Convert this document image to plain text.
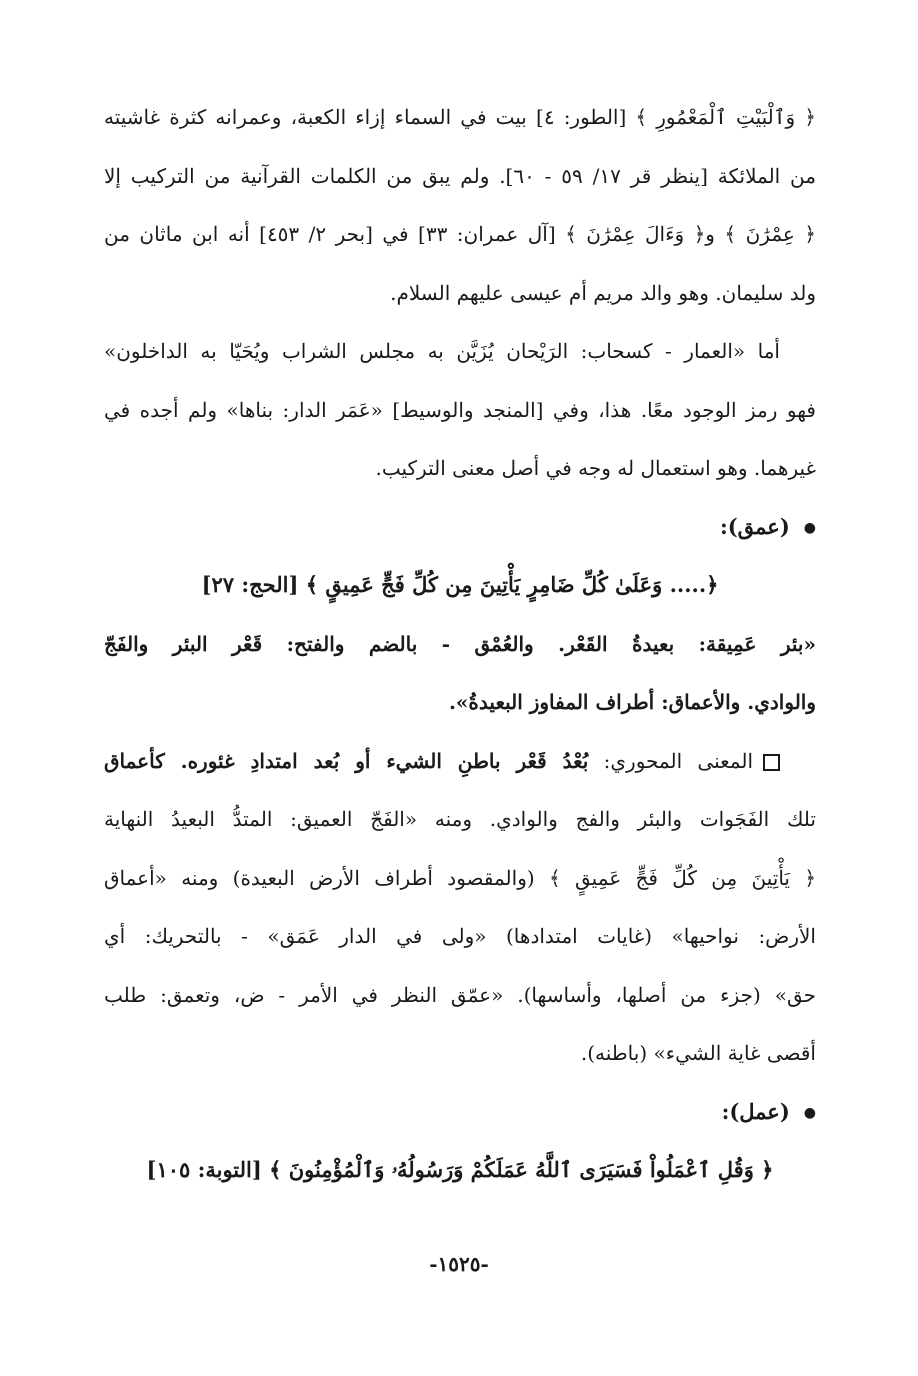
﴿ وَٱلْبَيْتِ ٱلْمَعْمُورِ ﴾ [الطور: ٤] بيت في السماء إزاء الكعبة، وعمرانه كثرة غاشيته
من الملائكة [ينظر قر ١٧/ ٥٩ - ٦٠]. ولم يبق من الكلمات القرآنية من التركيب إلا
﴿ عِمْرَٰنَ ﴾ و﴿ وَءَالَ عِمْرَٰنَ ﴾ [آل عمران: ٣٣] في [بحر ٢/ ٤٥٣] أنه ابن ماثان من
ولد سليمان. وهو والد مريم أم عيسى عليهم السلام.
أما «العمار - كسحاب: الرَيْحان يُزَيَّن به مجلس الشراب ويُحَيّا به الداخلون»
فهو رمز الوجود معًا. هذا، وفي [المنجد والوسيط] «عَمَر الدار: بناها» ولم أجده في
غيرهما. وهو استعمال له وجه في أصل معنى التركيب.
●(عمق):
﴿..... وَعَلَىٰ كُلِّ ضَامِرٍ يَأْتِينَ مِن كُلِّ فَجٍّ عَمِيقٍ ﴾ [الحج: ٢٧]
«بئر عَمِيقة: بعيدةُ القَعْر. والعُمْق - بالضم والفتح: قَعْر البئر والفَجّ
والوادي. والأعماق: أطراف المفاوز البعيدةُ».
المعنى المحوري: بُعْدُ قَعْر باطنِ الشيء أو بُعد امتدادِ غئوره. كأعماق
تلك الفَجَوات والبئر والفج والوادي. ومنه «الفَجّ العميق: المتدُّ البعيدُ النهاية
﴿ يَأْتِينَ مِن كُلِّ فَجٍّ عَمِيقٍ ﴾ (والمقصود أطراف الأرض البعيدة) ومنه «أعماق
الأرض: نواحيها» (غايات امتدادها) «ولى في الدار عَمَق» - بالتحريك: أي
حق» (جزء من أصلها، وأساسها). «عمّق النظر في الأمر - ض، وتعمق: طلب
أقصى غاية الشيء» (باطنه).
●(عمل):
﴿ وَقُلِ ٱعْمَلُواْ فَسَيَرَى ٱللَّهُ عَمَلَكُمْ وَرَسُولُهُۥ وَٱلْمُؤْمِنُونَ ﴾ [التوبة: ١٠٥]
-١٥٢٥-
